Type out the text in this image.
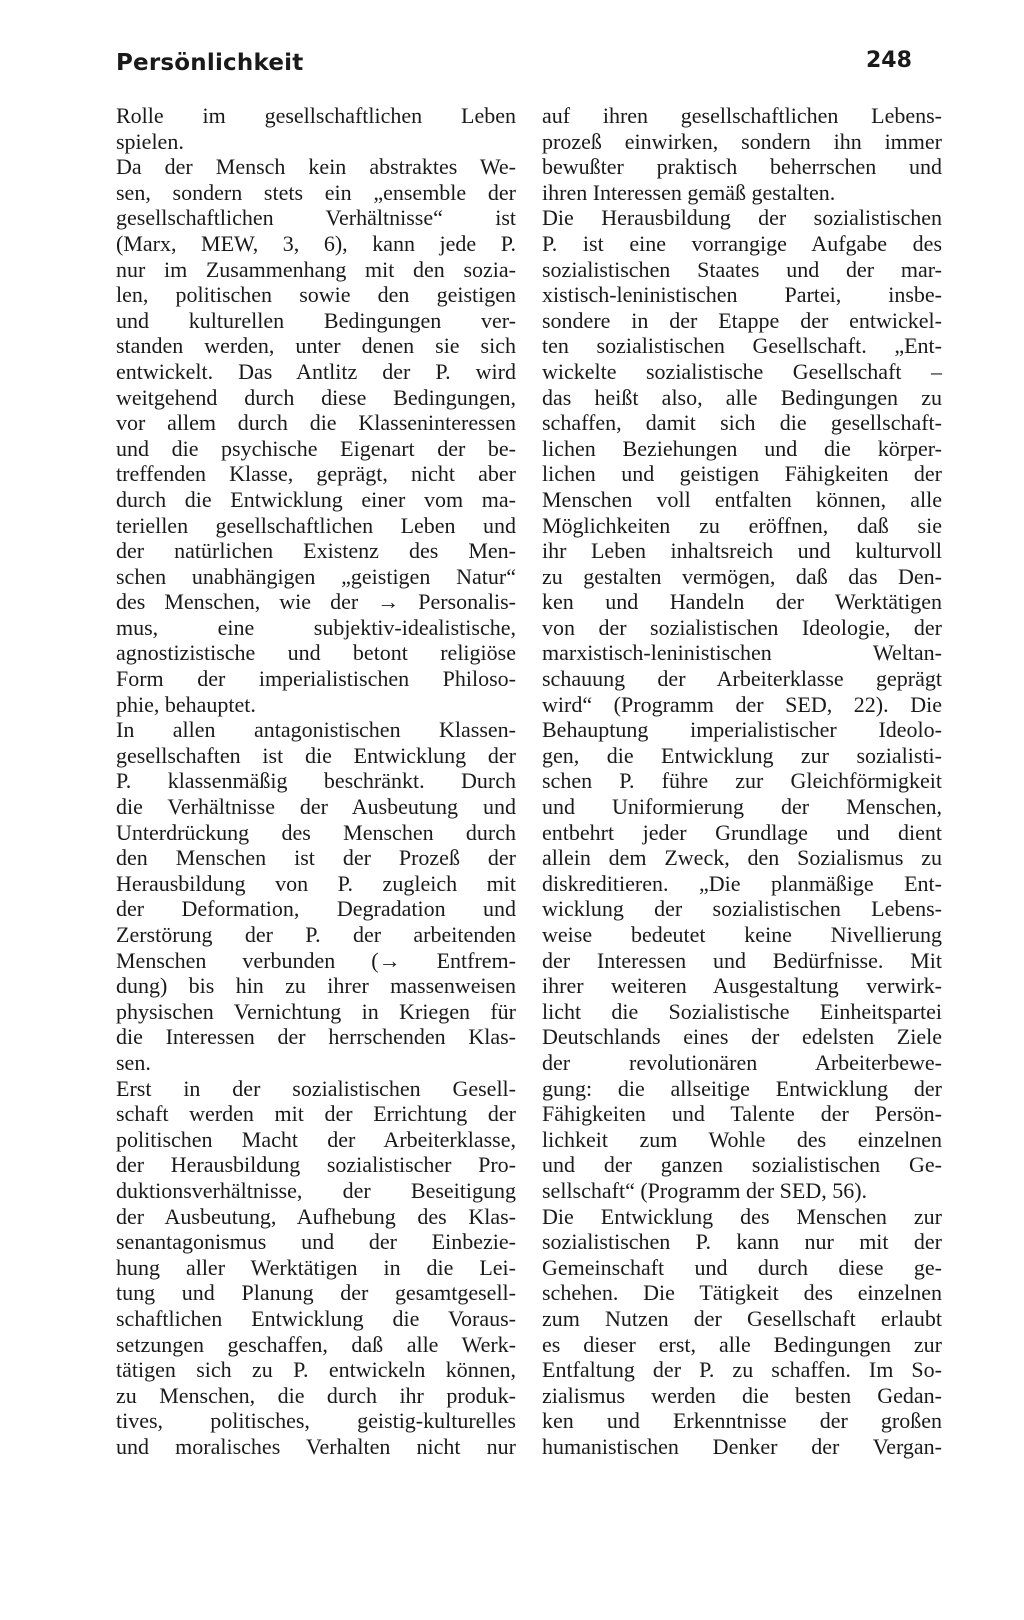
Persönlichkeit	248
Rolle im gesellschaftlichen Leben
spielen.
Da der Mensch kein abstraktes We-
sen, sondern stets ein „ensemble der
gesellschaftlichen Verhältnisse“ ist
(Marx, MEW, 3, 6), kann jede P.
nur im Zusammenhang mit den sozia-
len, politischen sowie den geistigen
und kulturellen Bedingungen ver-
standen werden, unter denen sie sich
entwickelt. Das Antlitz der P. wird
weitgehend durch diese Bedingungen,
vor allem durch die Klasseninteressen
und die psychische Eigenart der be-
treffenden Klasse, geprägt, nicht aber
durch die Entwicklung einer vom ma-
teriellen gesellschaftlichen Leben und
der natürlichen Existenz des Men-
schen unabhängigen „geistigen Natur“
des Menschen, wie der → Personalis-
mus, eine subjektiv-idealistische,
agnostizistische und betont religiöse
Form der imperialistischen Philoso-
phie, behauptet.
In allen antagonistischen Klassen-
gesellschaften ist die Entwicklung der
P. klassenmäßig beschränkt. Durch
die Verhältnisse der Ausbeutung und
Unterdrückung des Menschen durch
den Menschen ist der Prozeß der
Herausbildung von P. zugleich mit
der Deformation, Degradation und
Zerstörung der P. der arbeitenden
Menschen verbunden (→ Entfrem-
dung) bis hin zu ihrer massenweisen
physischen Vernichtung in Kriegen für
die Interessen der herrschenden Klas-
sen.
Erst in der sozialistischen Gesell-
schaft werden mit der Errichtung der
politischen Macht der Arbeiterklasse,
der Herausbildung sozialistischer Pro-
duktionsverhältnisse, der Beseitigung
der Ausbeutung, Aufhebung des Klas-
senantagonismus und der Einbezie-
hung aller Werktätigen in die Lei-
tung und Planung der gesamtgesell-
schaftlichen Entwicklung die Voraus-
setzungen geschaffen, daß alle Werk-
tätigen sich zu P. entwickeln können,
zu Menschen, die durch ihr produk-
tives, politisches, geistig-kulturelles
und moralisches Verhalten nicht nur
auf ihren gesellschaftlichen Lebens-
prozeß einwirken, sondern ihn immer
bewußter praktisch beherrschen und
ihren Interessen gemäß gestalten.
Die Herausbildung der sozialistischen
P. ist eine vorrangige Aufgabe des
sozialistischen Staates und der mar-
xistisch-leninistischen Partei, insbe-
sondere in der Etappe der entwickel-
ten sozialistischen Gesellschaft. „Ent-
wickelte sozialistische Gesellschaft –
das heißt also, alle Bedingungen zu
schaffen, damit sich die gesellschaft-
lichen Beziehungen und die körper-
lichen und geistigen Fähigkeiten der
Menschen voll entfalten können, alle
Möglichkeiten zu eröffnen, daß sie
ihr Leben inhaltsreich und kulturvoll
zu gestalten vermögen, daß das Den-
ken und Handeln der Werktätigen
von der sozialistischen Ideologie, der
marxistisch-leninistischen Weltan-
schauung der Arbeiterklasse geprägt
wird“ (Programm der SED, 22). Die
Behauptung imperialistischer Ideolo-
gen, die Entwicklung zur sozialisti-
schen P. führe zur Gleichförmigkeit
und Uniformierung der Menschen,
entbehrt jeder Grundlage und dient
allein dem Zweck, den Sozialismus zu
diskreditieren. „Die planmäßige Ent-
wicklung der sozialistischen Lebens-
weise bedeutet keine Nivellierung
der Interessen und Bedürfnisse. Mit
ihrer weiteren Ausgestaltung verwirk-
licht die Sozialistische Einheitspartei
Deutschlands eines der edelsten Ziele
der revolutionären Arbeiterbewe-
gung: die allseitige Entwicklung der
Fähigkeiten und Talente der Persön-
lichkeit zum Wohle des einzelnen
und der ganzen sozialistischen Ge-
sellschaft“ (Programm der SED, 56).
Die Entwicklung des Menschen zur
sozialistischen P. kann nur mit der
Gemeinschaft und durch diese ge-
schehen. Die Tätigkeit des einzelnen
zum Nutzen der Gesellschaft erlaubt
es dieser erst, alle Bedingungen zur
Entfaltung der P. zu schaffen. Im So-
zialismus werden die besten Gedan-
ken und Erkenntnisse der großen
humanistischen Denker der Vergan-
